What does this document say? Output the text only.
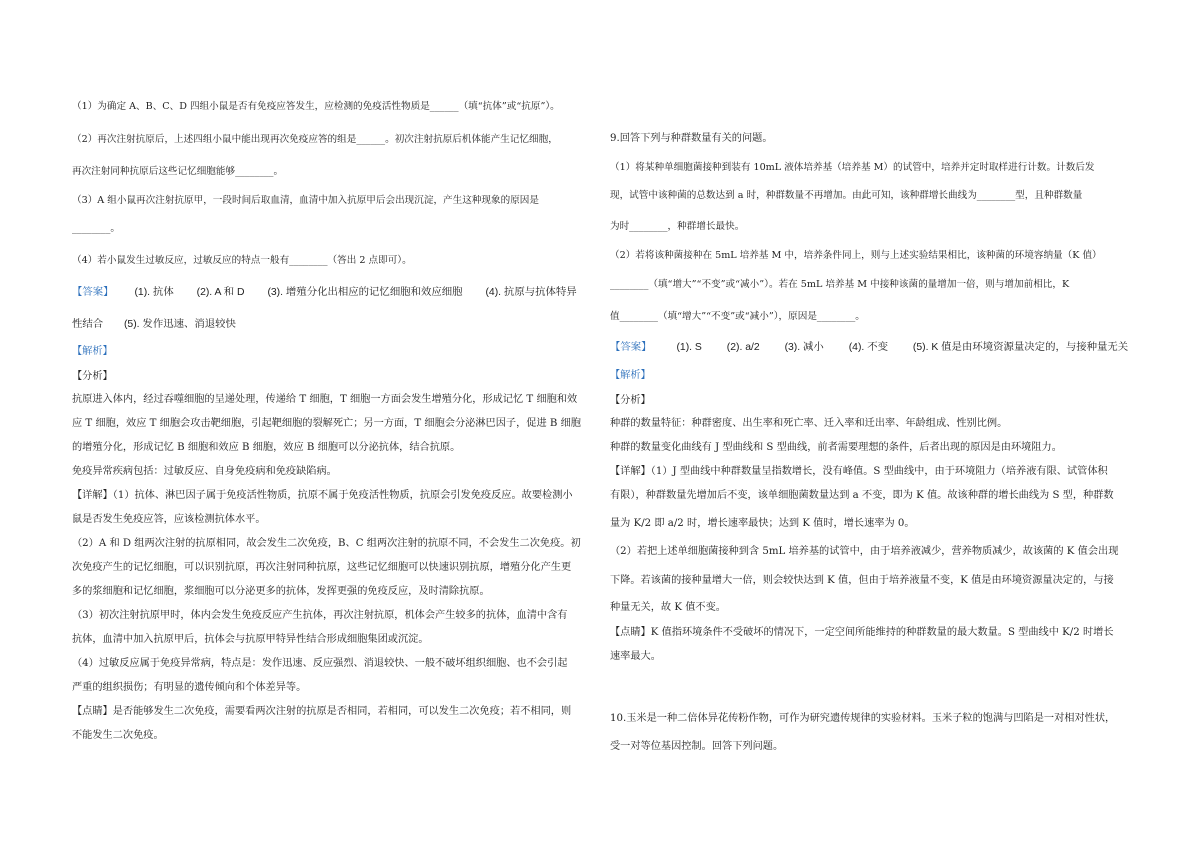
（1）为确定 A、B、C、D 四组小鼠是否有免疫应答发生，应检测的免疫活性物质是______（填“抗体”或“抗原”）。
（2）再次注射抗原后，上述四组小鼠中能出现再次免疫应答的组是______。初次注射抗原后机体能产生记忆细胞，
再次注射同种抗原后这些记忆细胞能够________。
（3）A 组小鼠再次注射抗原甲，一段时间后取血清，血清中加入抗原甲后会出现沉淀，产生这种现象的原因是
________。
（4）若小鼠发生过敏反应，过敏反应的特点一般有________（答出 2 点即可）。
【答案】 (1). 抗体 (2). A 和 D (3). 增殖分化出相应的记忆细胞和效应细胞 (4). 抗原与抗体特异
性结合　　(5). 发作迅速、消退较快
【解析】
【分析】
抗原进入体内，经过吞噬细胞的呈递处理，传递给 T 细胞，T 细胞一方面会发生增殖分化，形成记忆 T 细胞和效
应 T 细胞，效应 T 细胞会攻击靶细胞，引起靶细胞的裂解死亡；另一方面，T 细胞会分泌淋巴因子，促进 B 细胞
的增殖分化，形成记忆 B 细胞和效应 B 细胞，效应 B 细胞可以分泌抗体，结合抗原。
免疫异常疾病包括：过敏反应、自身免疫病和免疫缺陷病。
【详解】（1）抗体、淋巴因子属于免疫活性物质，抗原不属于免疫活性物质，抗原会引发免疫反应。故要检测小
鼠是否发生免疫应答，应该检测抗体水平。
（2）A 和 D 组两次注射的抗原相同，故会发生二次免疫，B、C 组两次注射的抗原不同，不会发生二次免疫。初
次免疫产生的记忆细胞，可以识别抗原，再次注射同种抗原，这些记忆细胞可以快速识别抗原，增殖分化产生更
多的浆细胞和记忆细胞，浆细胞可以分泌更多的抗体，发挥更强的免疫反应，及时清除抗原。
（3）初次注射抗原甲时，体内会发生免疫反应产生抗体，再次注射抗原，机体会产生较多的抗体，血清中含有
抗体，血清中加入抗原甲后，抗体会与抗原甲特异性结合形成细胞集团或沉淀。
（4）过敏反应属于免疫异常病，特点是：发作迅速、反应强烈、消退较快、一般不破坏组织细胞、也不会引起
严重的组织损伤；有明显的遗传倾向和个体差异等。
【点睛】是否能够发生二次免疫，需要看两次注射的抗原是否相同，若相同，可以发生二次免疫；若不相同，则
不能发生二次免疫。
9.回答下列与种群数量有关的问题。
（1）将某种单细胞菌接种到装有 10mL 液体培养基（培养基 M）的试管中，培养并定时取样进行计数。计数后发
现，试管中该种菌的总数达到 a 时，种群数量不再增加。由此可知，该种群增长曲线为________型，且种群数量
为时________，种群增长最快。
（2）若将该种菌接种在 5mL 培养基 M 中，培养条件同上，则与上述实验结果相比，该种菌的环境容纳量（K 值）
________（填“增大”“不变”或“减小”）。若在 5mL 培养基 M 中接种该菌的量增加一倍，则与增加前相比，K
值________（填“增大”“不变”或“减小”），原因是________。
【答案】 (1). S (2). a/2 (3). 减小 (4). 不变 (5). K 值是由环境资源量决定的，与接种量无关
【解析】
【分析】
种群的数量特征：种群密度、出生率和死亡率、迁入率和迁出率、年龄组成、性别比例。
种群的数量变化曲线有 J 型曲线和 S 型曲线，前者需要理想的条件，后者出现的原因是由环境阻力。
【详解】（1）J 型曲线中种群数量呈指数增长，没有峰值。S 型曲线中，由于环境阻力（培养液有限、试管体积
有限），种群数量先增加后不变，该单细胞菌数量达到 a 不变，即为 K 值。故该种群的增长曲线为 S 型，种群数
量为 K/2 即 a/2 时，增长速率最快；达到 K 值时，增长速率为 0。
（2）若把上述单细胞菌接种到含 5mL 培养基的试管中，由于培养液减少，营养物质减少，故该菌的 K 值会出现
下降。若该菌的接种量增大一倍，则会较快达到 K 值，但由于培养液量不变，K 值是由环境资源量决定的，与接
种量无关，故 K 值不变。
【点睛】K 值指环境条件不受破坏的情况下，一定空间所能维持的种群数量的最大数量。S 型曲线中 K/2 时增长
速率最大。
10.玉米是一种二倍体异花传粉作物，可作为研究遗传规律的实验材料。玉米子粒的饱满与凹陷是一对相对性状，
受一对等位基因控制。回答下列问题。
